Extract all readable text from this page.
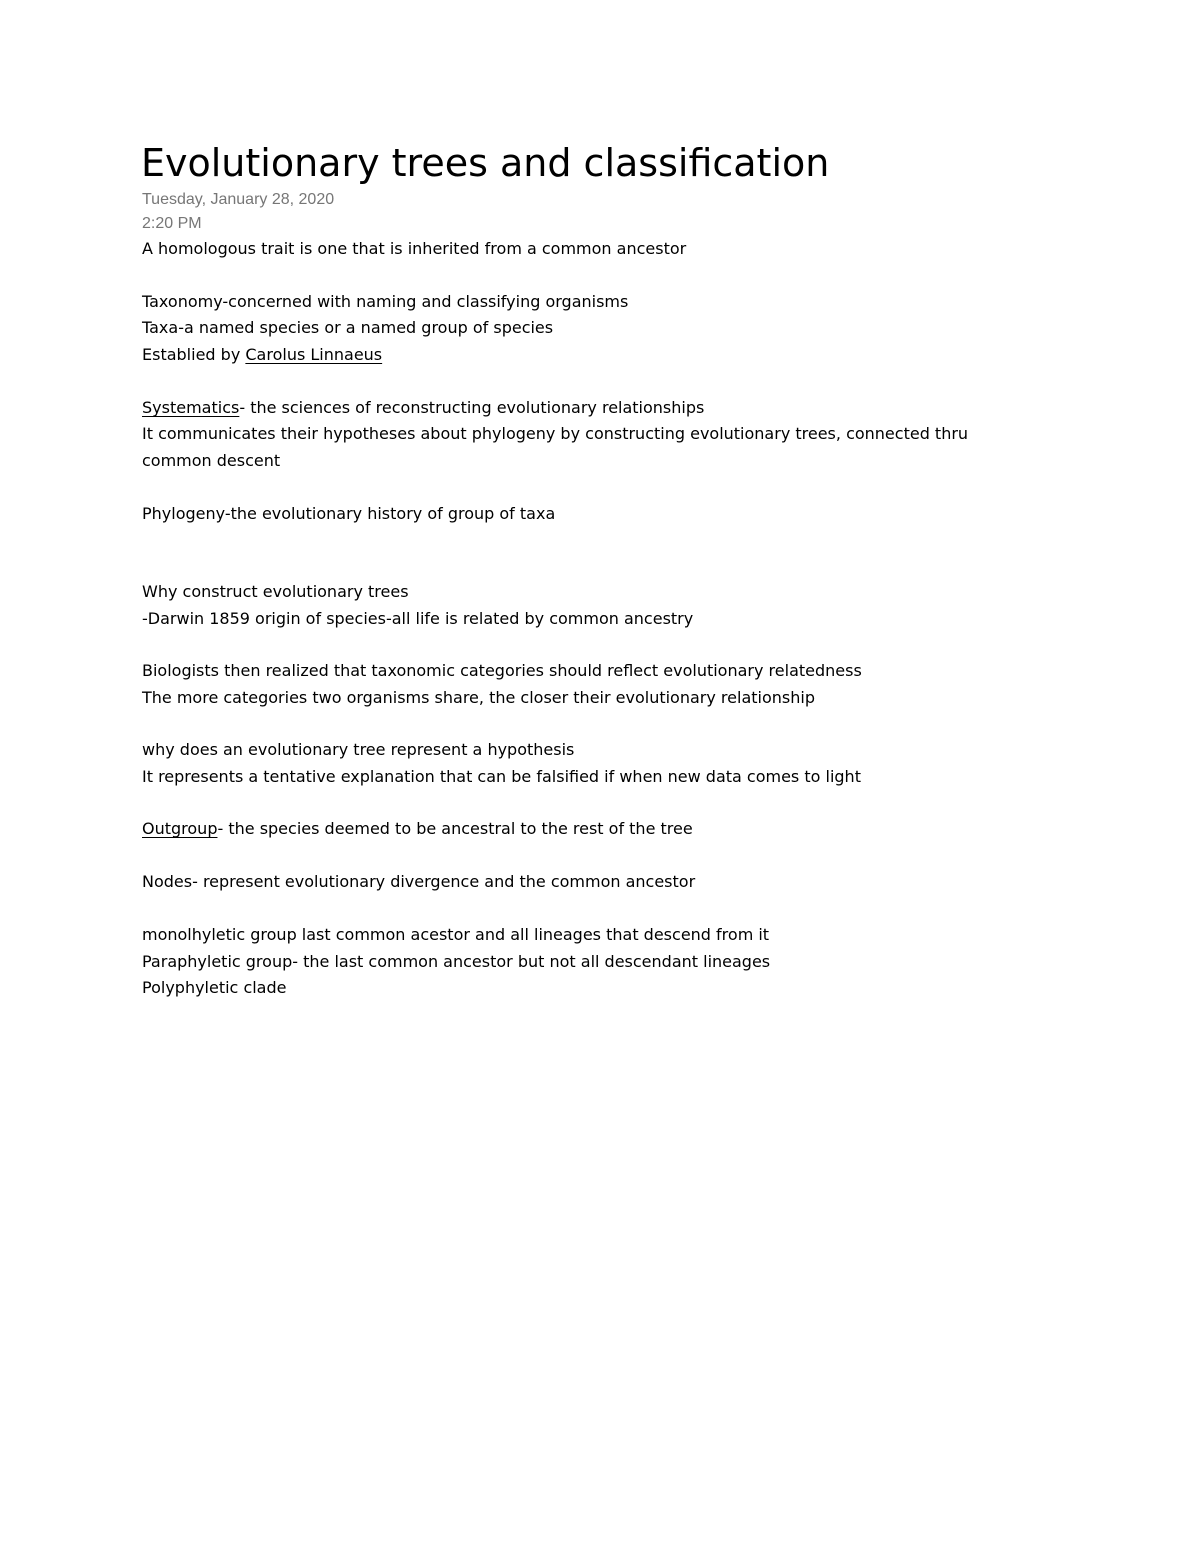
Evolutionary trees and classification
Tuesday, January 28, 2020
2:20 PM

A homologous trait is one that is inherited from a common ancestor

Taxonomy-concerned with naming and classifying organisms

Taxa-a named species or a named group of species

Establied by Carolus Linnaeus

Systematics- the sciences of reconstructing evolutionary relationships

It communicates their hypotheses about phylogeny by constructing evolutionary trees, connected thru

common descent

Phylogeny-the evolutionary history of group of taxa

Why construct evolutionary trees

-Darwin 1859 origin of species-all life is related by common ancestry

Biologists then realized that taxonomic categories should reflect evolutionary relatedness

The more categories two organisms share, the closer their evolutionary relationship

why does an evolutionary tree represent a hypothesis

It represents a tentative explanation that can be falsified if when new data comes to light

Outgroup- the species deemed to be ancestral to the rest of the tree

Nodes- represent evolutionary divergence and the common ancestor

monolhyletic group last common acestor and all lineages that descend from it

Paraphyletic group- the last common ancestor but not all descendant lineages

Polyphyletic clade
